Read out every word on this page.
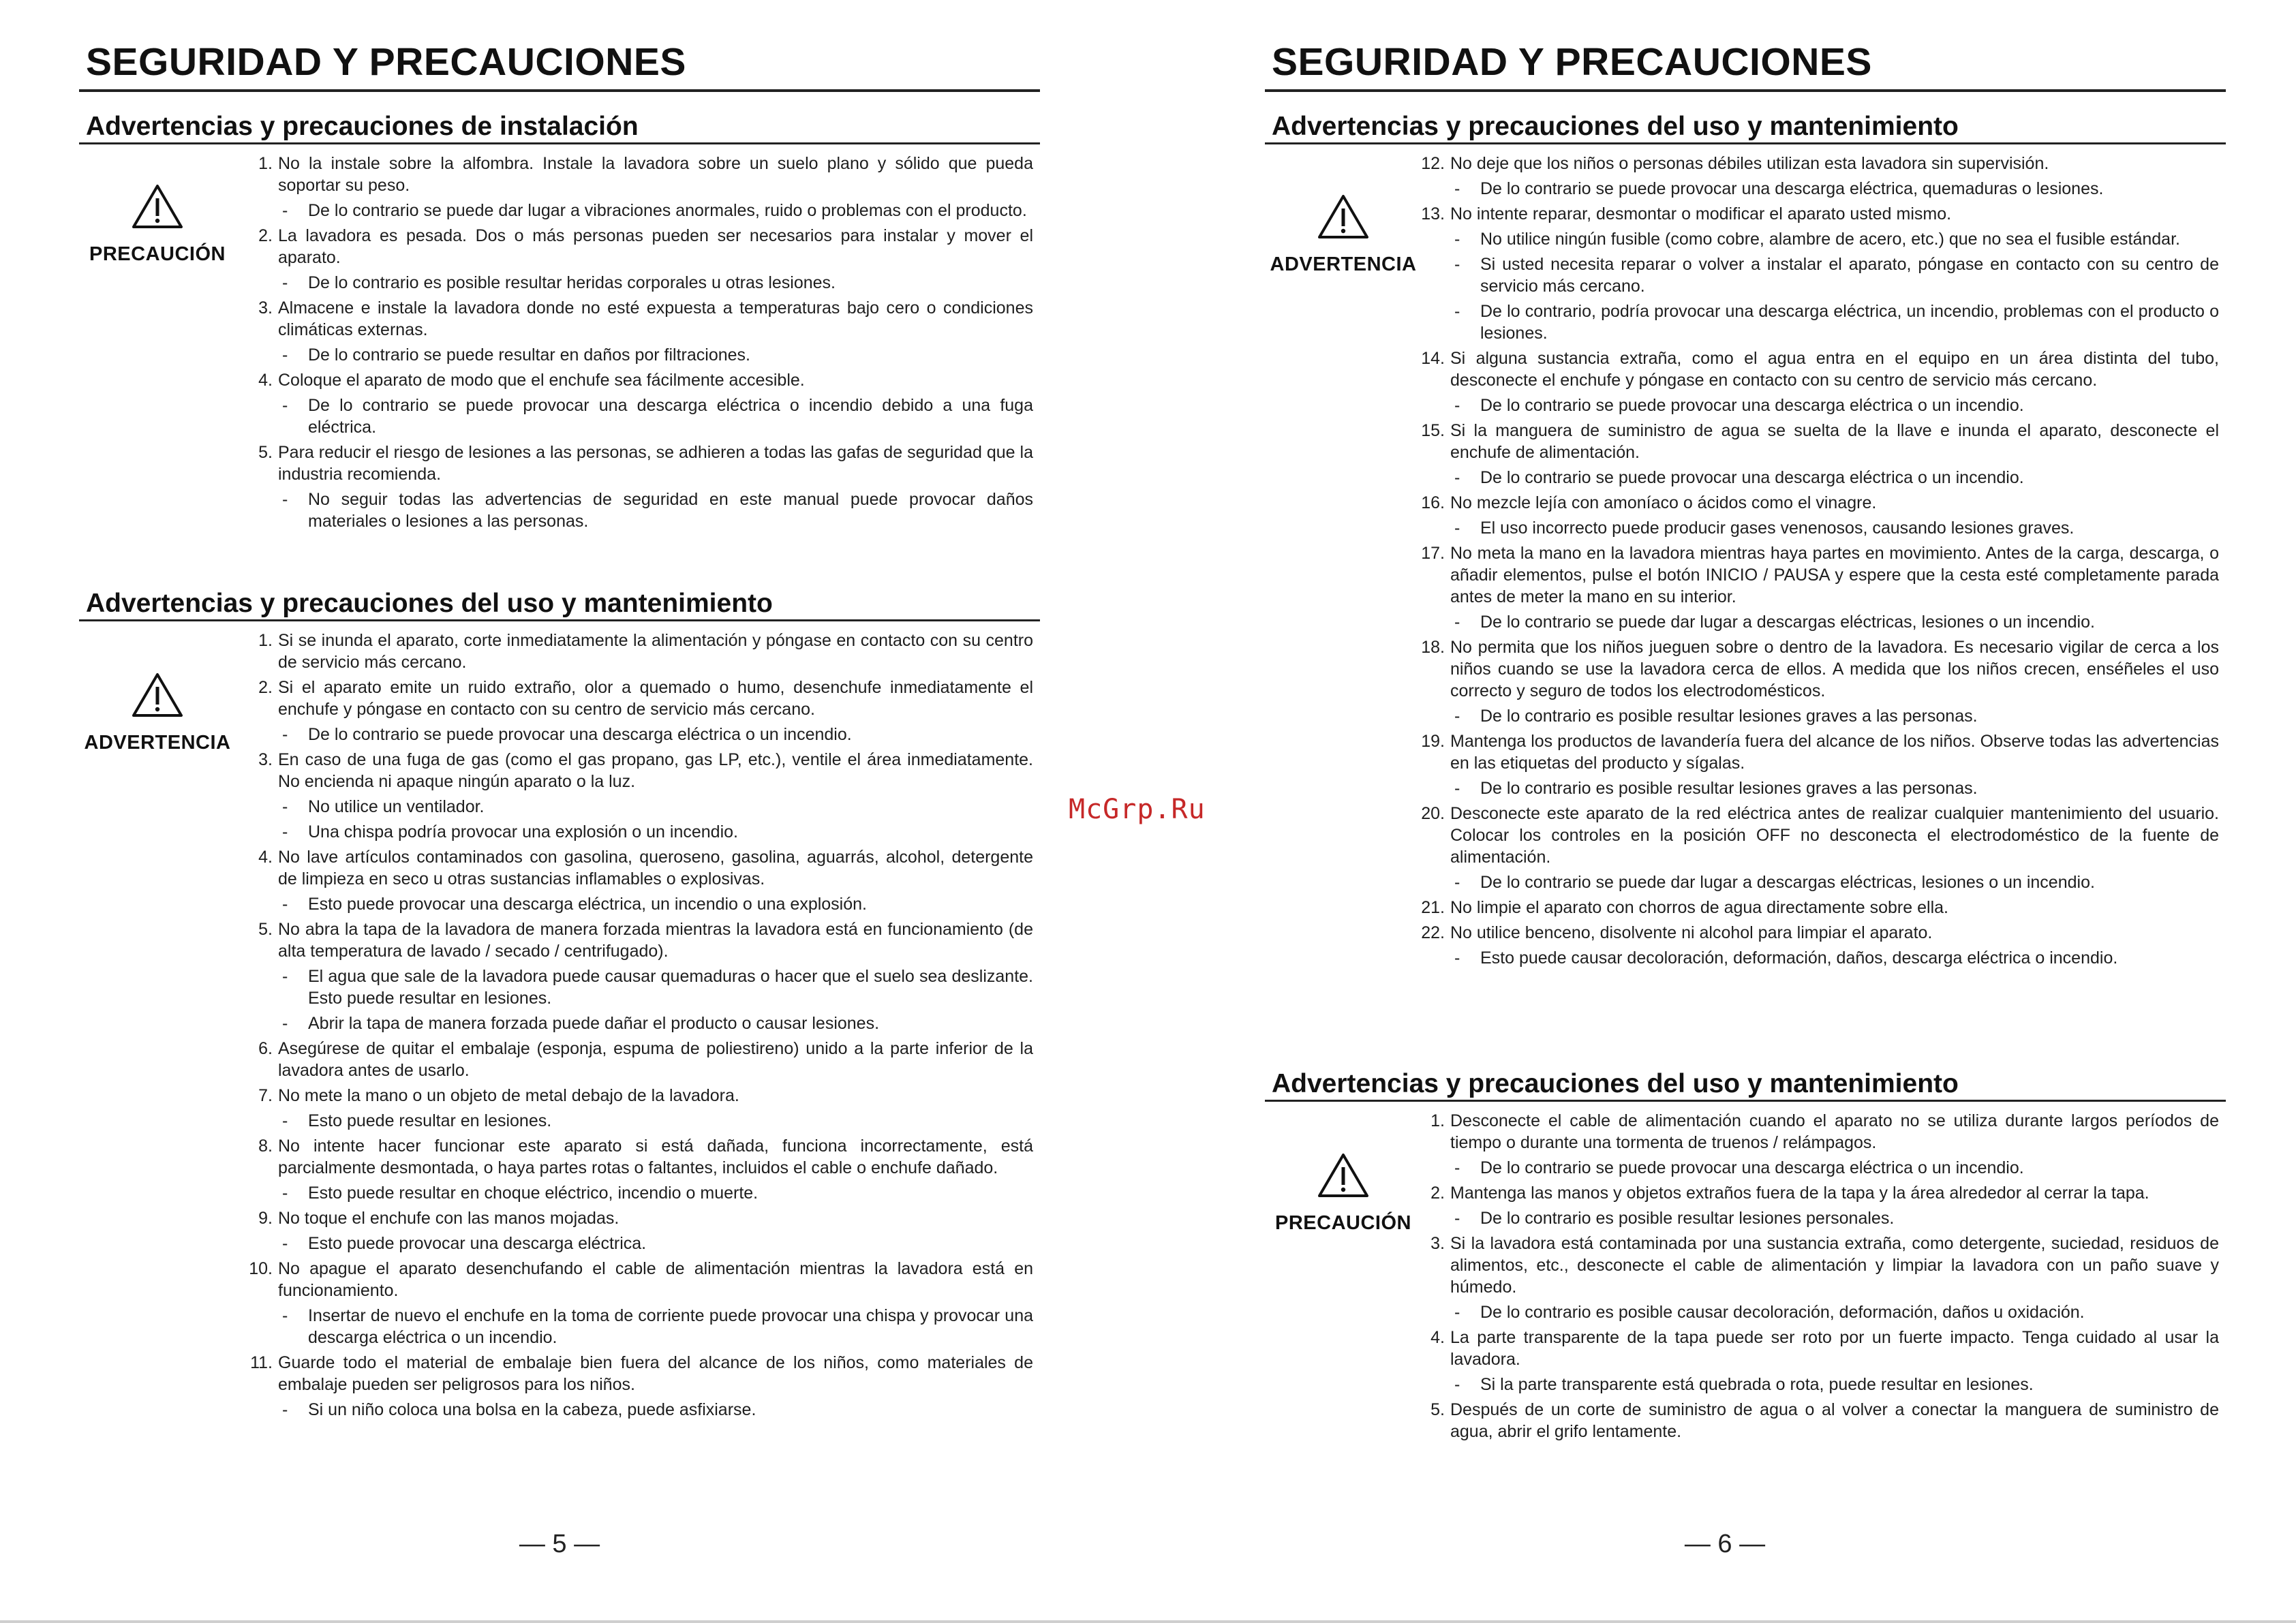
SEGURIDAD Y PRECAUCIONES
Advertencias y precauciones de instalación
PRECAUCIÓN
1. No la instale sobre la alfombra. Instale la lavadora sobre un suelo plano y sólido que pueda soportar su peso.
- De lo contrario se puede dar lugar a vibraciones anormales, ruido o problemas con el producto.
2. La lavadora es pesada. Dos o más personas pueden ser necesarios para instalar y mover el aparato.
- De lo contrario es posible resultar heridas corporales u otras lesiones.
3. Almacene e instale la lavadora donde no esté expuesta a temperaturas bajo cero o condiciones climáticas externas.
- De lo contrario se puede resultar en daños por filtraciones.
4. Coloque el aparato de modo que el enchufe sea fácilmente accesible.
- De lo contrario se puede provocar una descarga eléctrica o incendio debido a una fuga eléctrica.
5. Para reducir el riesgo de lesiones a las personas, se adhieren a todas las gafas de seguridad que la industria recomienda.
- No seguir todas las advertencias de seguridad en este manual puede provocar daños materiales o lesiones a las personas.
Advertencias y precauciones del uso y mantenimiento
ADVERTENCIA
1. Si se inunda el aparato, corte inmediatamente la alimentación y póngase en contacto con su centro de servicio más cercano.
2. Si el aparato emite un ruido extraño, olor a quemado o humo, desenchufe inmediatamente el enchufe y póngase en contacto con su centro de servicio más cercano.
- De lo contrario se puede provocar una descarga eléctrica o un incendio.
3. En caso de una fuga de gas (como el gas propano, gas LP, etc.), ventile el área inmediatamente. No encienda ni apaque ningún aparato o la luz.
- No utilice un ventilador.
- Una chispa podría provocar una explosión o un incendio.
4. No lave artículos contaminados con gasolina, queroseno, gasolina, aguarrás, alcohol, detergente de limpieza en seco u otras sustancias inflamables o explosivas.
- Esto puede provocar una descarga eléctrica, un incendio o una explosión.
5. No abra la tapa de la lavadora de manera forzada mientras la lavadora está en funcionamiento (de alta temperatura de lavado / secado / centrifugado).
- El agua que sale de la lavadora puede causar quemaduras o hacer que el suelo sea deslizante. Esto puede resultar en lesiones.
- Abrir la tapa de manera forzada puede dañar el producto o causar lesiones.
6. Asegúrese de quitar el embalaje (esponja, espuma de poliestireno) unido a la parte inferior de la lavadora antes de usarlo.
7. No mete la mano o un objeto de metal debajo de la lavadora.
- Esto puede resultar en lesiones.
8. No intente hacer funcionar este aparato si está dañada, funciona incorrectamente, está parcialmente desmontada, o haya partes rotas o faltantes, incluidos el cable o enchufe dañado.
- Esto puede resultar en choque eléctrico, incendio o muerte.
9. No toque el enchufe con las manos mojadas.
- Esto puede provocar una descarga eléctrica.
10. No apague el aparato desenchufando el cable de alimentación mientras la lavadora está en funcionamiento.
- Insertar de nuevo el enchufe en la toma de corriente puede provocar una chispa y provocar una descarga eléctrica o un incendio.
11. Guarde todo el material de embalaje bien fuera del alcance de los niños, como materiales de embalaje pueden ser peligrosos para los niños.
- Si un niño coloca una bolsa en la cabeza, puede asfixiarse.
— 5 —
McGrp.Ru
SEGURIDAD Y PRECAUCIONES
Advertencias y precauciones del uso y mantenimiento
ADVERTENCIA
12. No deje que los niños o personas débiles utilizan esta lavadora sin supervisión.
- De lo contrario se puede provocar una descarga eléctrica, quemaduras o lesiones.
13. No intente reparar, desmontar o modificar el aparato usted mismo.
- No utilice ningún fusible (como cobre, alambre de acero, etc.) que no sea el fusible estándar.
- Si usted necesita reparar o volver a instalar el aparato, póngase en contacto con su centro de servicio más cercano.
- De lo contrario, podría provocar una descarga eléctrica, un incendio, problemas con el producto o lesiones.
14. Si alguna sustancia extraña, como el agua entra en el equipo en un área distinta del tubo, desconecte el enchufe y póngase en contacto con su centro de servicio más cercano.
- De lo contrario se puede provocar una descarga eléctrica o un incendio.
15. Si la manguera de suministro de agua se suelta de la llave e inunda el aparato, desconecte el enchufe de alimentación.
- De lo contrario se puede provocar una descarga eléctrica o un incendio.
16. No mezcle lejía con amoníaco o ácidos como el vinagre.
- El uso incorrecto puede producir gases venenosos, causando lesiones graves.
17. No meta la mano en la lavadora mientras haya partes en movimiento. Antes de la carga, descarga, o añadir elementos, pulse el botón INICIO / PAUSA y espere que la cesta esté completamente parada antes de meter la mano en su interior.
- De lo contrario se puede dar lugar a descargas eléctricas, lesiones o un incendio.
18. No permita que los niños jueguen sobre o dentro de la lavadora. Es necesario vigilar de cerca a los niños cuando se use la lavadora cerca de ellos. A medida que los niños crecen, enséñeles el uso correcto y seguro de todos los electrodomésticos.
- De lo contrario es posible resultar lesiones graves a las personas.
19. Mantenga los productos de lavandería fuera del alcance de los niños. Observe todas las advertencias en las etiquetas del producto y sígalas.
- De lo contrario es posible resultar lesiones graves a las personas.
20. Desconecte este aparato de la red eléctrica antes de realizar cualquier mantenimiento del usuario. Colocar los controles en la posición OFF no desconecta el electrodoméstico de la fuente de alimentación.
- De lo contrario se puede dar lugar a descargas eléctricas, lesiones o un incendio.
21. No limpie el aparato con chorros de agua directamente sobre ella.
22. No utilice benceno, disolvente ni alcohol para limpiar el aparato.
- Esto puede causar decoloración, deformación, daños, descarga eléctrica o incendio.
Advertencias y precauciones del uso y mantenimiento
PRECAUCIÓN
1. Desconecte el cable de alimentación cuando el aparato no se utiliza durante largos períodos de tiempo o durante una tormenta de truenos / relámpagos.
- De lo contrario se puede provocar una descarga eléctrica o un incendio.
2. Mantenga las manos y objetos extraños fuera de la tapa y la área alrededor al cerrar la tapa.
- De lo contrario es posible resultar lesiones personales.
3. Si la lavadora está contaminada por una sustancia extraña, como detergente, suciedad, residuos de alimentos, etc., desconecte el cable de alimentación y limpiar la lavadora con un paño suave y húmedo.
- De lo contrario es posible causar decoloración, deformación, daños u oxidación.
4. La parte transparente de la tapa puede ser roto por un fuerte impacto. Tenga cuidado al usar la lavadora.
- Si la parte transparente está quebrada o rota, puede resultar en lesiones.
5. Después de un corte de suministro de agua o al volver a conectar la manguera de suministro de agua, abrir el grifo lentamente.
— 6 —
